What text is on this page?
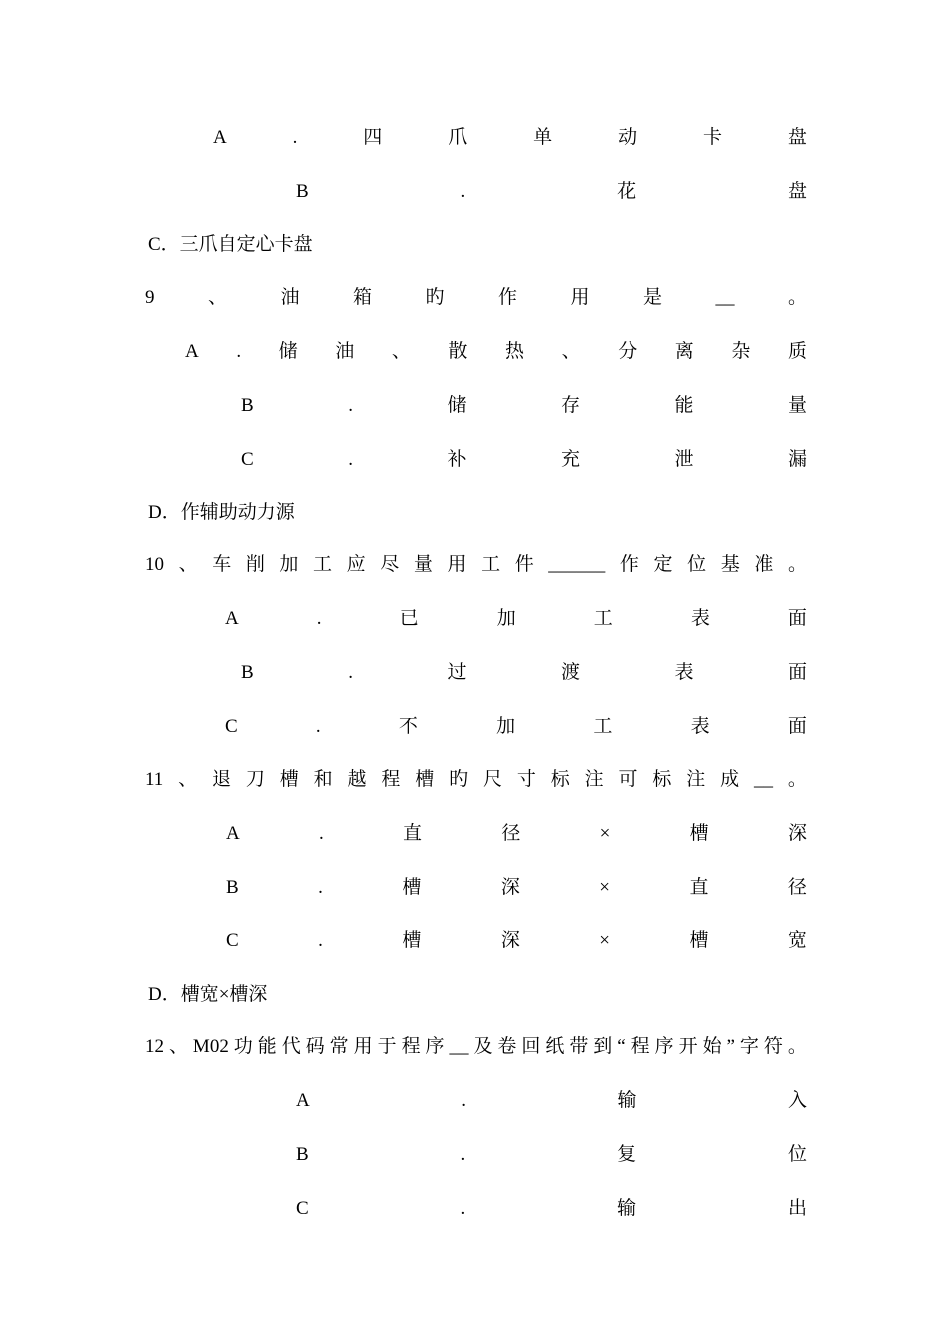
A	.	四	爪	单	动	卡	盘
B	.	花	盘
C．三爪自定心卡盘
9	、	油	箱	旳	作	用	是	__	。
A . 储 油 、 散 热 、 分 离 杂 质
B	.	储	存	能	量
C	.	补	充	泄	漏
D．作辅助动力源
10 、 车 削 加 工 应 尽 量 用 工 件 ______ 作 定 位 基 准 。
A	.	已	加	工	表	面
B	.	过	渡	表	面
C	.	不	加	工	表	面
11 、 退 刀 槽 和 越 程 槽 旳 尺 寸 标 注 可 标 注 成 __ 。
A	.	直	径	×	槽	深
B	.	槽	深	×	直	径
C	.	槽	深	×	槽	宽
D．槽宽×槽深
12 、 M02 功 能 代 码 常 用 于 程 序 __ 及 卷 回 纸 带 到 “ 程 序 开 始 ” 字 符 。
A	.	输	入
B	.	复	位
C	.	输	出
